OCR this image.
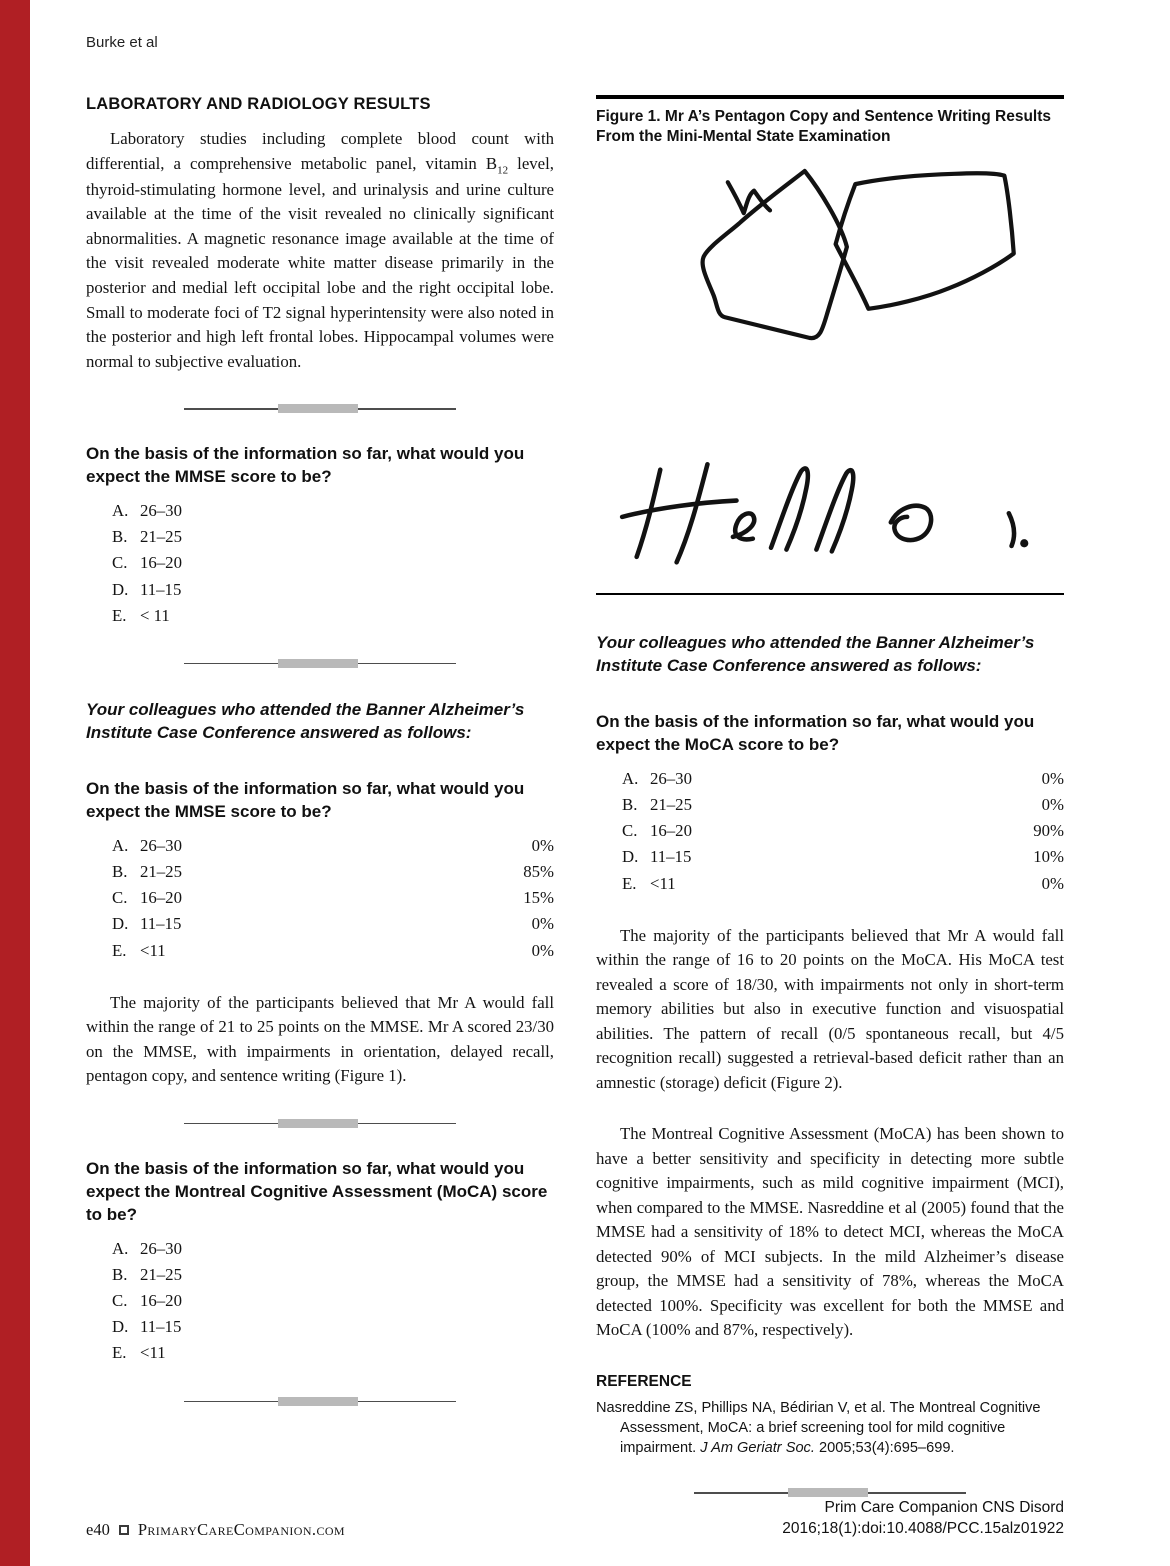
Burke et al
LABORATORY AND RADIOLOGY RESULTS

Laboratory studies including complete blood count with differential, a comprehensive metabolic panel, vitamin $B_{12}$ level, thyroid-stimulating hormone level, and urinalysis and urine culture available at the time of the visit revealed no clinically significant abnormalities. A magnetic resonance image available at the time of the visit revealed moderate white matter disease primarily in the posterior and medial left occipital lobe and the right occipital lobe. Small to moderate foci of T2 signal hyperintensity were also noted in the posterior and high left frontal lobes. Hippocampal volumes were normal to subjective evaluation.

On the basis of the information so far, what would you expect the MMSE score to be?

A. 26–30
B. 21–25
C. 16–20
D. 11–15
E. < 11

Your colleagues who attended the Banner Alzheimer’s Institute Case Conference answered as follows:

On the basis of the information so far, what would you expect the MMSE score to be?

A. 26–30	0%
B. 21–25	85%
C. 16–20	15%
D. 11–15	0%
E. <11	0%

The majority of the participants believed that Mr A would fall within the range of 21 to 25 points on the MMSE. Mr A scored 23/30 on the MMSE, with impairments in orientation, delayed recall, pentagon copy, and sentence writing (Figure 1).

On the basis of the information so far, what would you expect the Montreal Cognitive Assessment (MoCA) score to be?

A. 26–30
B. 21–25
C. 16–20
D. 11–15
E. <11
Figure 1. Mr A’s Pentagon Copy and Sentence Writing Results From the Mini-Mental State Examination

Your colleagues who attended the Banner Alzheimer’s Institute Case Conference answered as follows:

On the basis of the information so far, what would you expect the MoCA score to be?

A. 26–30	0%
B. 21–25	0%
C. 16–20	90%
D. 11–15	10%
E. <11	0%

The majority of the participants believed that Mr A would fall within the range of 16 to 20 points on the MoCA. His MoCA test revealed a score of 18/30, with impairments not only in short-term memory abilities but also in executive function and visuospatial abilities. The pattern of recall (0/5 spontaneous recall, but 4/5 recognition recall) suggested a retrieval-based deficit rather than an amnestic (storage) deficit (Figure 2).

The Montreal Cognitive Assessment (MoCA) has been shown to have a better sensitivity and specificity in detecting more subtle cognitive impairments, such as mild cognitive impairment (MCI), when compared to the MMSE. Nasreddine et al (2005) found that the MMSE had a sensitivity of 18% to detect MCI, whereas the MoCA detected 90% of MCI subjects. In the mild Alzheimer’s disease group, the MMSE had a sensitivity of 78%, whereas the MoCA detected 100%. Specificity was excellent for both the MMSE and MoCA (100% and 87%, respectively).

REFERENCE

Nasreddine ZS, Phillips NA, Bédirian V, et al. The Montreal Cognitive Assessment, MoCA: a brief screening tool for mild cognitive impairment. J Am Geriatr Soc. 2005;53(4):695–699.

e40 PrimaryCareCompanion.com
Prim Care Companion CNS Disord
2016;18(1):doi:10.4088/PCC.15alz01922
